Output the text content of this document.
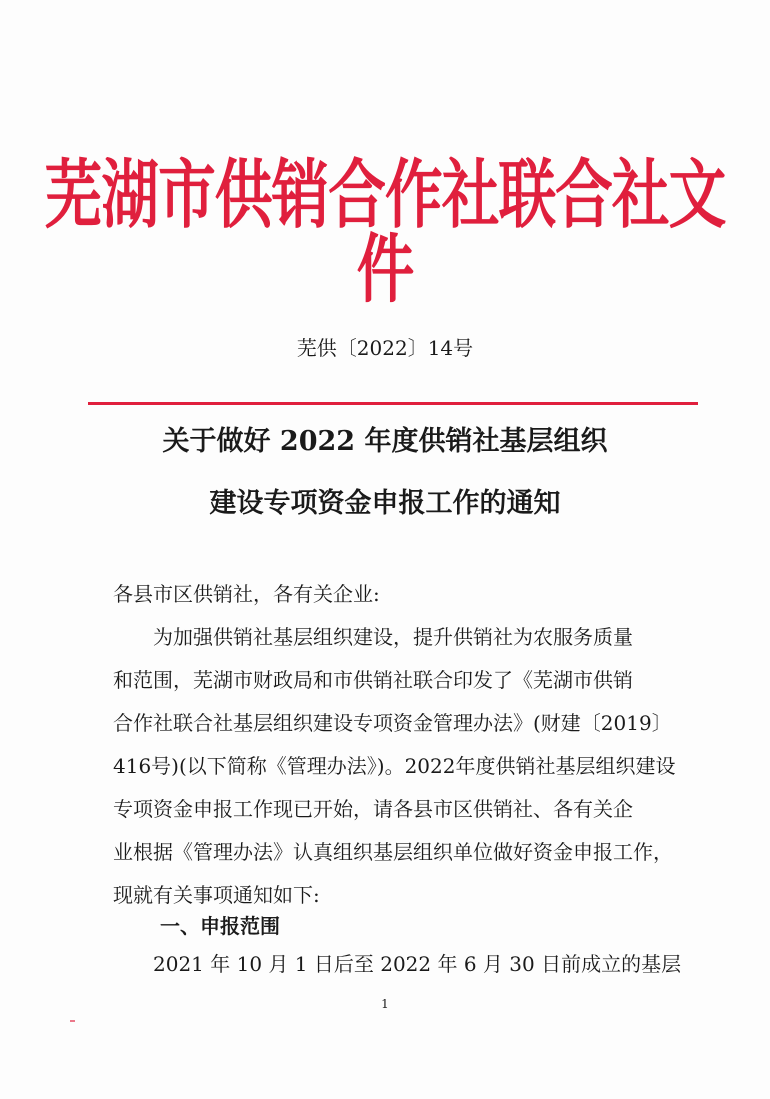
芜湖市供销合作社联合社文件
芜供〔2022〕14号
关于做好 2022 年度供销社基层组织
建设专项资金申报工作的通知
各县市区供销社，各有关企业:
为加强供销社基层组织建设，提升供销社为农服务质量
和范围，芜湖市财政局和市供销社联合印发了《芜湖市供销
合作社联合社基层组织建设专项资金管理办法》(财建〔2019〕
416号)(以下简称《管理办法》)。2022年度供销社基层组织建设
专项资金申报工作现已开始，请各县市区供销社、各有关企
业根据《管理办法》认真组织基层组织单位做好资金申报工作，
现就有关事项通知如下:
一、申报范围
2021 年 10 月 1 日后至 2022 年 6 月 30 日前成立的基层
1
